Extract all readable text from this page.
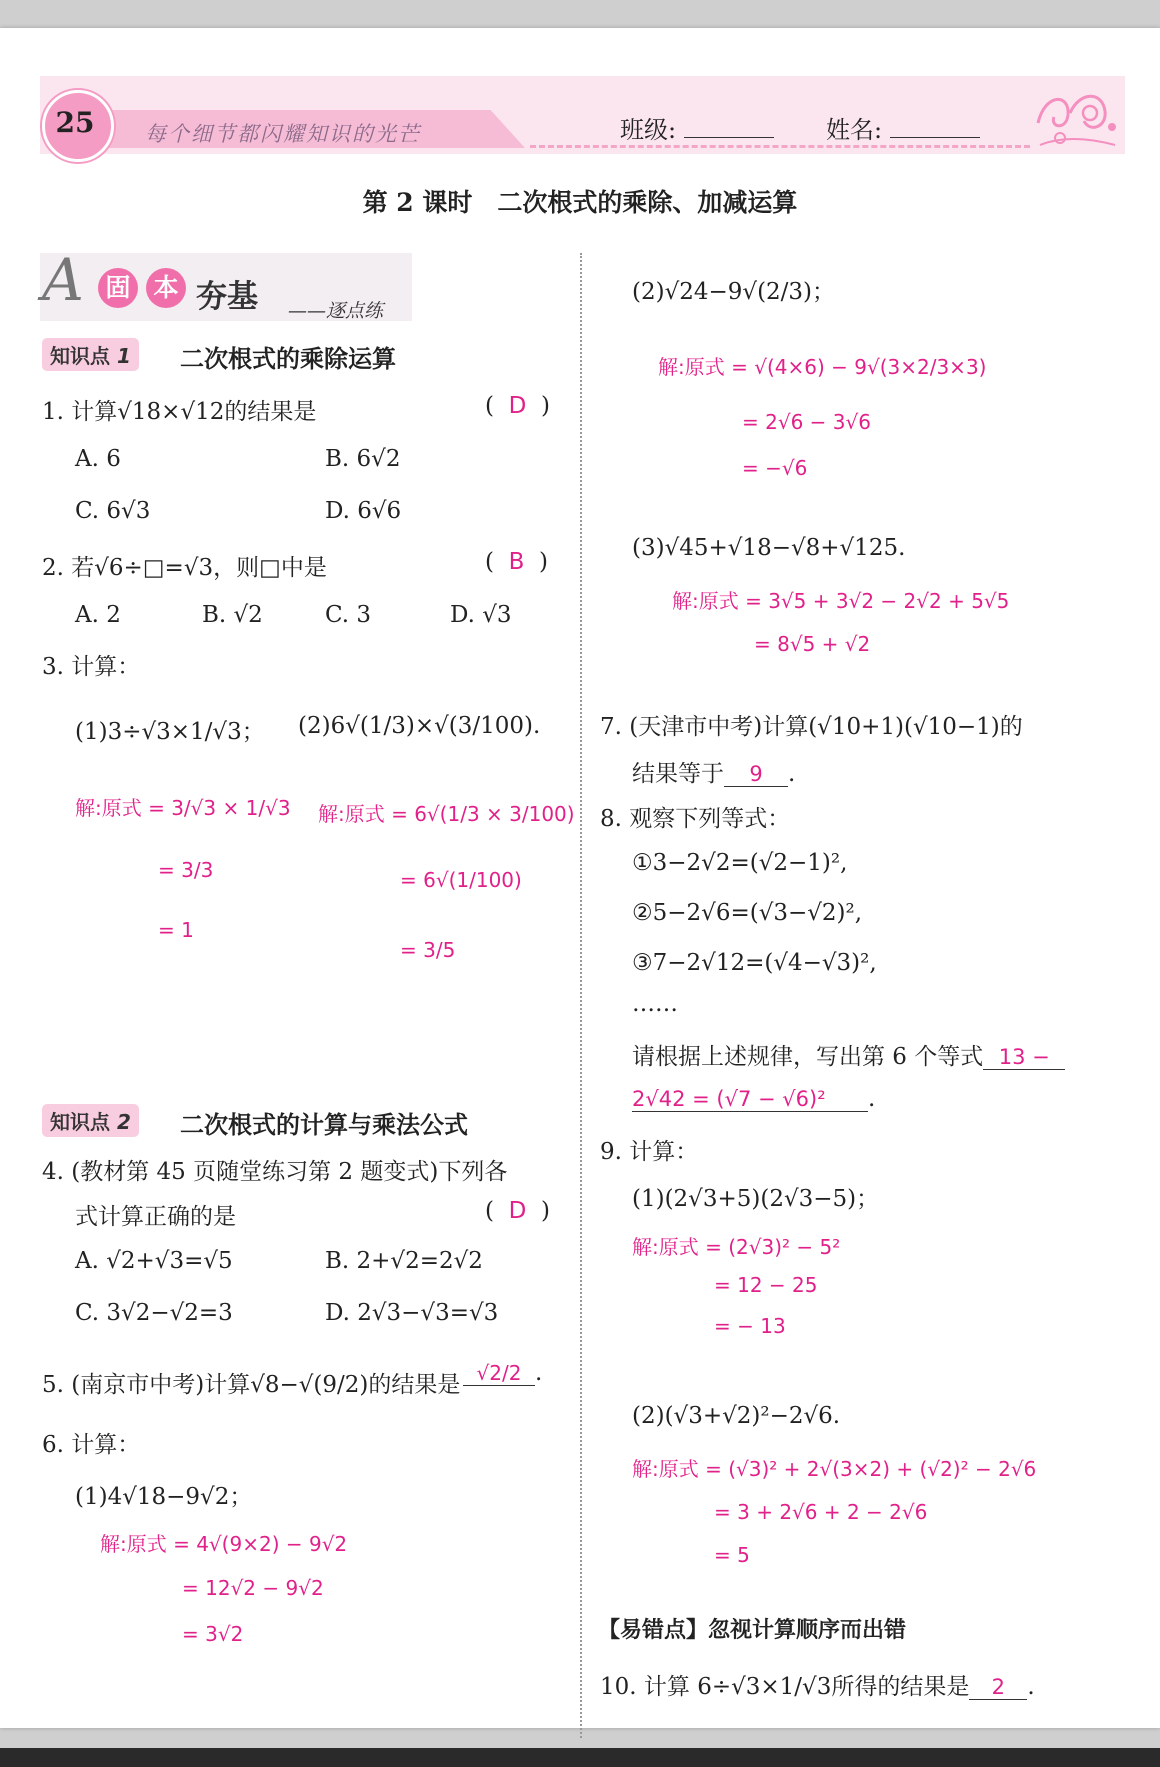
25	每个细节都闪耀知识的光芒	班级:	姓名:
第 2 课时　二次根式的乘除、加减运算
A 固 本 夯基 ——逐点练
知识点 1	二次根式的乘除运算
1. 计算√18×√12的结果是	(  D  )
A. 6	B. 6√2
C. 6√3	D. 6√6
2. 若√6÷□=√3，则□中是	(  B  )
A. 2	B. √2	C. 3	D. √3
3. 计算：
(1)3÷√3×1/√3； (2)6√(1/3)×√(3/100).
解:原式 = 3/√3 × 1/√3
= 3/3
= 1
解:原式 = 6√(1/3 × 3/100)
= 6√(1/100)
= 3/5
知识点 2	二次根式的计算与乘法公式
4. (教材第 45 页随堂练习第 2 题变式)下列各
式计算正确的是	(  D  )
A. √2+√3=√5	B. 2+√2=2√2
C. 3√2−√2=3	D. 2√3−√3=√3
5. (南京市中考)计算√8−√(9/2)的结果是 √2/2 .
6. 计算：
(1)4√18−9√2；
解:原式 = 4√(9×2) − 9√2
= 12√2 − 9√2
= 3√2
(2)√24−9√(2/3)；
解:原式 = √(4×6) − 9√(3×2/3×3)
= 2√6 − 3√6
= −√6
(3)√45+√18−√8+√125.
解:原式 = 3√5 + 3√2 − 2√2 + 5√5
= 8√5 + √2
7. (天津市中考)计算(√10+1)(√10−1)的
结果等于 9 .
8. 观察下列等式：
①3−2√2=(√2−1)²,
②5−2√6=(√3−√2)²,
③7−2√12=(√4−√3)²,
……
请根据上述规律，写出第 6 个等式 13 −
2√42 = (√7 − √6)² .
9. 计算：
(1)(2√3+5)(2√3−5)；
解:原式 = (2√3)² − 5²
= 12 − 25
= − 13
(2)(√3+√2)²−2√6.
解:原式 = (√3)² + 2√(3×2) + (√2)² − 2√6
= 3 + 2√6 + 2 − 2√6
= 5
【易错点】忽视计算顺序而出错
10. 计算 6÷√3×1/√3所得的结果是 2 .
